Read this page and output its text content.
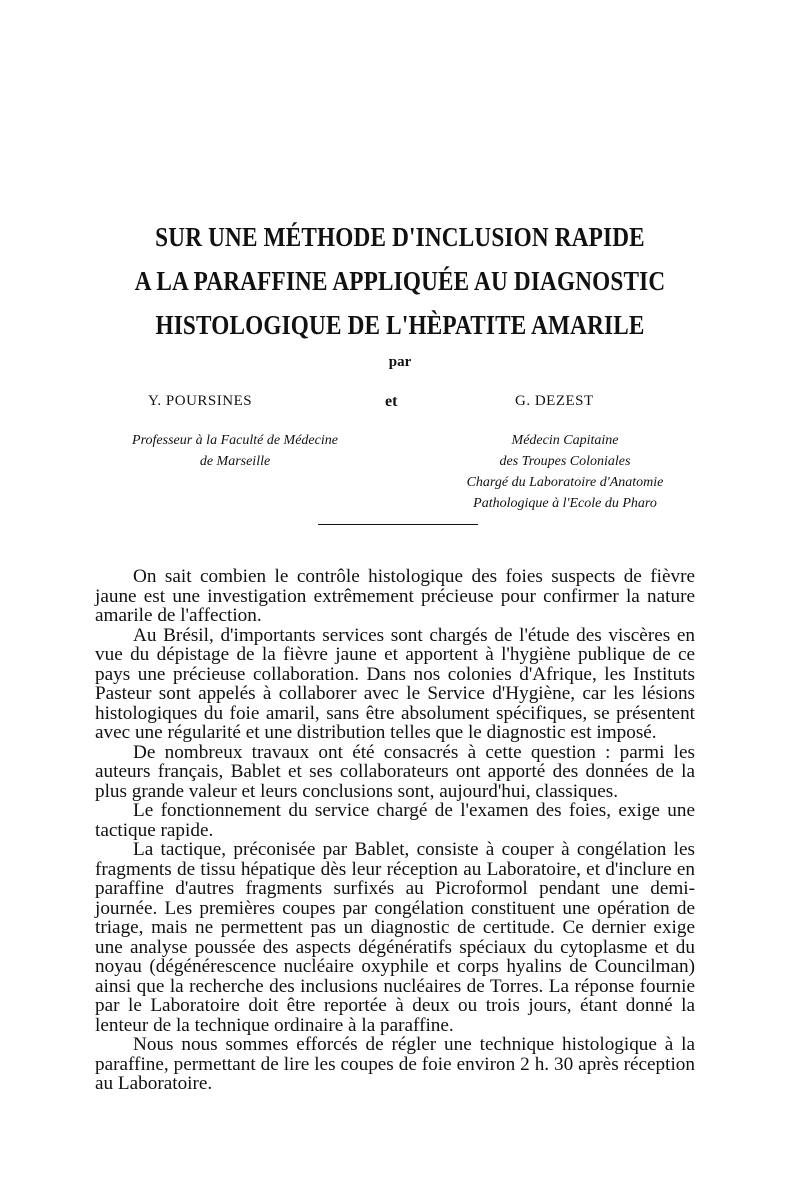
SUR UNE MÉTHODE D'INCLUSION RAPIDE
A LA PARAFFINE APPLIQUÉE AU DIAGNOSTIC
HISTOLOGIQUE DE L'HÈPATITE AMARILE
par
Y. POURSINES	et	G. DEZEST
Professeur à la Faculté de Médecine
de Marseille
Médecin Capitaine
des Troupes Coloniales
Chargé du Laboratoire d'Anatomie
Pathologique à l'Ecole du Pharo

On sait combien le contrôle histologique des foies suspects de fièvre jaune est une investigation extrêmement précieuse pour confirmer la nature amarile de l'affection.

Au Brésil, d'importants services sont chargés de l'étude des viscères en vue du dépistage de la fièvre jaune et apportent à l'hygiène publique de ce pays une précieuse collaboration. Dans nos colonies d'Afrique, les Instituts Pasteur sont appelés à collaborer avec le Service d'Hygiène, car les lésions histologiques du foie amaril, sans être absolument spécifiques, se présentent avec une régularité et une distribution telles que le diagnostic est imposé.

De nombreux travaux ont été consacrés à cette question : parmi les auteurs français, Bablet et ses collaborateurs ont apporté des données de la plus grande valeur et leurs conclusions sont, aujourd'hui, classiques.

Le fonctionnement du service chargé de l'examen des foies, exige une tactique rapide.

La tactique, préconisée par Bablet, consiste à couper à congélation les fragments de tissu hépatique dès leur réception au Laboratoire, et d'inclure en paraffine d'autres fragments surfixés au Picroformol pendant une demi-journée. Les premières coupes par congélation constituent une opération de triage, mais ne permettent pas un diagnostic de certitude. Ce dernier exige une analyse poussée des aspects dégénératifs spéciaux du cytoplasme et du noyau (dégénérescence nucléaire oxyphile et corps hyalins de Councilman) ainsi que la recherche des inclusions nucléaires de Torres. La réponse fournie par le Laboratoire doit être reportée à deux ou trois jours, étant donné la lenteur de la technique ordinaire à la paraffine.

Nous nous sommes efforcés de régler une technique histologique à la paraffine, permettant de lire les coupes de foie environ 2 h. 30 après réception au Laboratoire.
